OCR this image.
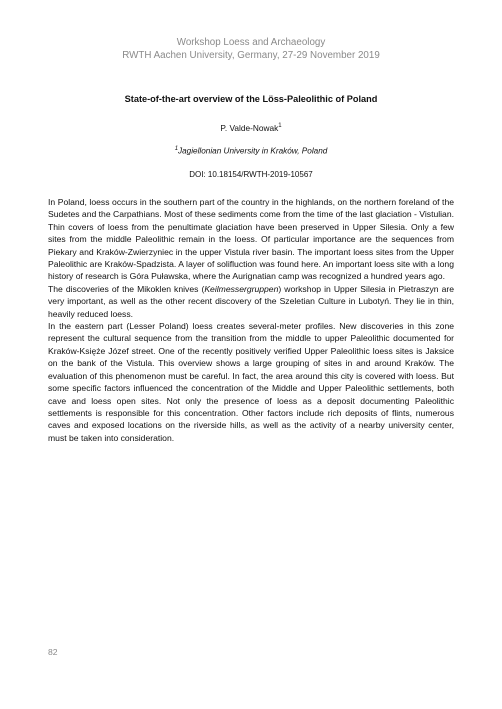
Workshop Loess and Archaeology
RWTH Aachen University, Germany, 27-29 November 2019
State-of-the-art overview of the Löss-Paleolithic of Poland
P. Valde-Nowak$^1$
$^1$Jagiellonian University in Kraków, Poland
DOI: 10.18154/RWTH-2019-10567

In Poland, loess occurs in the southern part of the country in the highlands, on the northern foreland of the Sudetes and the Carpathians. Most of these sediments come from the time of the last glaciation - Vistulian. Thin covers of loess from the penultimate glaciation have been preserved in Upper Silesia. Only a few sites from the middle Paleolithic remain in the loess. Of particular importance are the sequences from Piekary and Kraków-Zwierzyniec in the upper Vistula river basin. The important loess sites from the Upper Paleolithic are Kraków-Spadzista. A layer of solifluction was found here. An important loess site with a long history of research is Góra Puławska, where the Aurignatian camp was recognized a hundred years ago.

The discoveries of the Mikoklen knives (Keilmessergruppen) workshop in Upper Silesia in Pietraszyn are very important, as well as the other recent discovery of the Szeletian Culture in Lubotyń. They lie in thin, heavily reduced loess.

In the eastern part (Lesser Poland) loess creates several-meter profiles. New discoveries in this zone represent the cultural sequence from the transition from the middle to upper Paleolithic documented for Kraków-Księże Józef street. One of the recently positively verified Upper Paleolithic loess sites is Jaksice on the bank of the Vistula. This overview shows a large grouping of sites in and around Kraków. The evaluation of this phenomenon must be careful. In fact, the area around this city is covered with loess. But some specific factors influenced the concentration of the Middle and Upper Paleolithic settlements, both cave and loess open sites. Not only the presence of loess as a deposit documenting Paleolithic settlements is responsible for this concentration. Other factors include rich deposits of flints, numerous caves and exposed locations on the riverside hills, as well as the activity of a nearby university center, must be taken into consideration.

82
